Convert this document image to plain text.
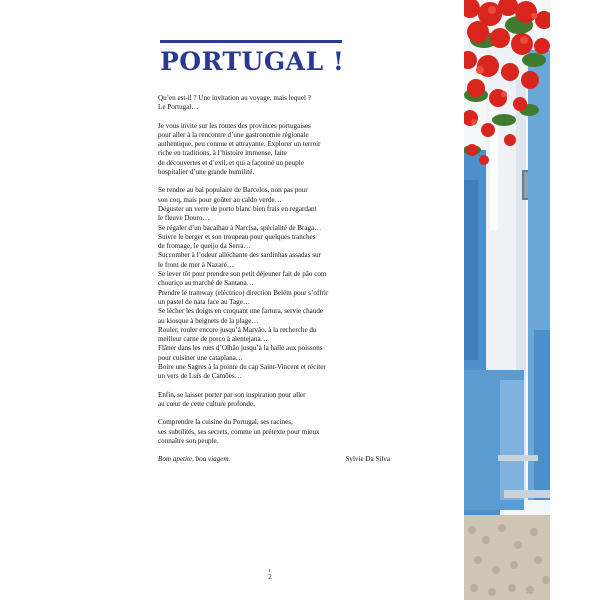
PORTUGAL !
Qu’en est-il ? Une invitation au voyage, mais lequel ?
Le Portugal…
Je vous invite sur les routes des provinces portugaises
pour aller à la rencontre d’une gastronomie régionale
authentique, peu connue et attrayante. Explorer un terroir
riche en traditions, à l’histoire immense, faite
de découvertes et d’exil, et qui a façonné un peuple
hospitalier d’une grande humilité.
Se rendre au bal populaire de Barcelos, non pas pour
son coq, mais pour goûter au caldo verde…
Déguster un verre de porto blanc bien frais en regardant
le fleuve Douro…
Se régaler d’un bacalhau à Narcisa, spécialité de Braga…
Suivre le berger et son troupeau pour quelques tranches
de fromage, le queijo da Serra…
Succomber à l’odeur alléchante des sardinhas assadas sur
le front de mer à Nazaré…
Se lever tôt pour prendre son petit déjeuner fait de pão com
chouriço au marché de Santana…
Prendre le tramway (eléctrico) direction Belém pour s’offrir
un pastel de nata face au Tage…
Se lécher les doigts en croquant une fartura, servie chaude
au kiosque à beignets de la plage…
Rouler, rouler encore jusqu’à Marvão, à la recherche du
meilleur carne de porco à alentejana…
Flâner dans les rues d’Olhão jusqu’à la halle aux poissons
pour cuisiner une cataplana…
Boire une Sagres à la pointe du cap Saint-Vincent et réciter
un vers de Luís de Camões…
Enfin, se laisser porter par son inspiration pour aller
au cœur de cette culture profonde.
Comprendre la cuisine du Portugal, ses racines,
ses subtilités, ses secrets, comme un prétexte pour mieux
connaître son peuple.
Bom apetite, boa viagem.	Sylvie Da Silva
2
